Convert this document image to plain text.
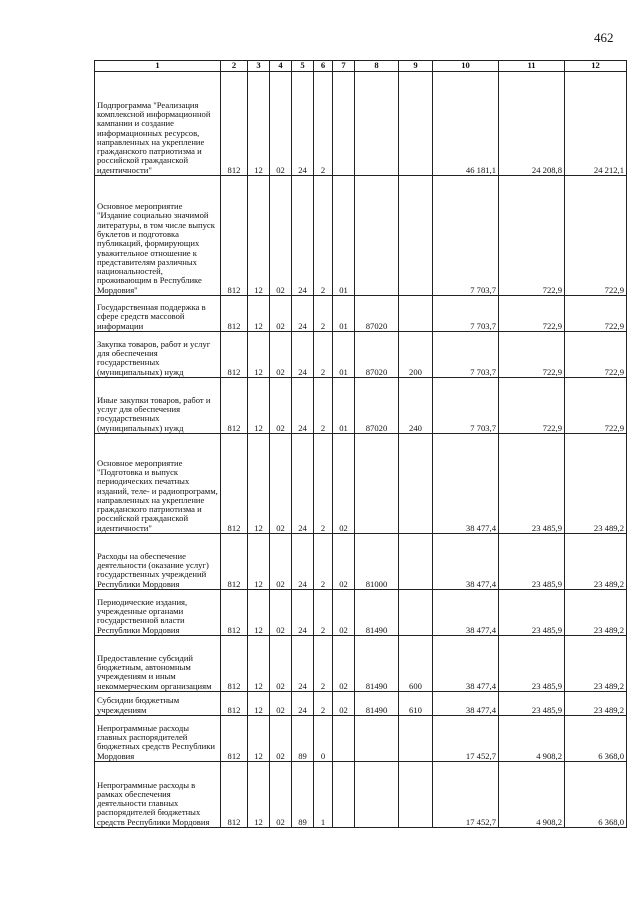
462
1	2	3	4	5	6	7	8	9	10	11	12
Подпрограмма "Реализация комплексной информационной кампании и создание информационных ресурсов, направленных на укрепление гражданского патриотизма и российской гражданской идентичности"	812	12	02	24	2				46 181,1	24 208,8	24 212,1
Основное мероприятие "Издание социально значимой литературы, в том числе выпуск буклетов и подготовка публикаций, формирующих уважительное отношение к представителям различных национальностей, проживающим в Республике Мордовия"	812	12	02	24	2	01			7 703,7	722,9	722,9
Государственная поддержка в сфере средств массовой информации	812	12	02	24	2	01	87020		7 703,7	722,9	722,9
Закупка товаров, работ и услуг для обеспечения государственных (муниципальных) нужд	812	12	02	24	2	01	87020	200	7 703,7	722,9	722,9
Иные закупки товаров, работ и услуг для обеспечения государственных (муниципальных) нужд	812	12	02	24	2	01	87020	240	7 703,7	722,9	722,9
Основное мероприятие "Подготовка и выпуск периодических печатных изданий, теле- и радиопрограмм, направленных на укрепление гражданского патриотизма и российской гражданской идентичности"	812	12	02	24	2	02			38 477,4	23 485,9	23 489,2
Расходы на обеспечение деятельности (оказание услуг) государственных учреждений Республики Мордовия	812	12	02	24	2	02	81000		38 477,4	23 485,9	23 489,2
Периодические издания, учрежденные органами государственной власти Республики Мордовия	812	12	02	24	2	02	81490		38 477,4	23 485,9	23 489,2
Предоставление субсидий бюджетным, автономным учреждениям и иным некоммерческим организациям	812	12	02	24	2	02	81490	600	38 477,4	23 485,9	23 489,2
Субсидии бюджетным учреждениям	812	12	02	24	2	02	81490	610	38 477,4	23 485,9	23 489,2
Непрограммные расходы главных распорядителей бюджетных средств Республики Мордовия	812	12	02	89	0				17 452,7	4 908,2	6 368,0
Непрограммные расходы в рамках обеспечения деятельности главных распорядителей бюджетных средств Республики Мордовия	812	12	02	89	1				17 452,7	4 908,2	6 368,0
